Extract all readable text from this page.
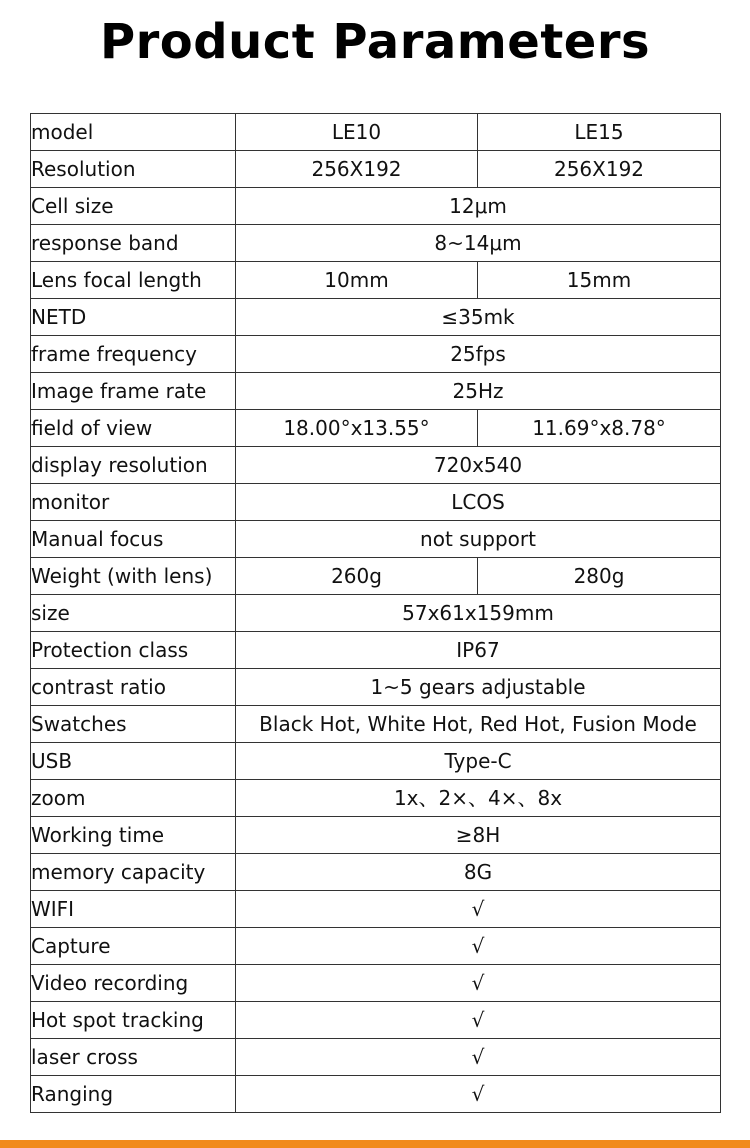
Product Parameters
model	LE10	LE15
Resolution	256X192	256X192
Cell size	12μm	
response band	8~14μm	
Lens focal length	10mm	15mm
NETD	≤35mk	
frame frequency	25fps	
Image frame rate	25Hz	
field of view	18.00°x13.55°	11.69°x8.78°
display resolution	720x540	
monitor	LCOS	
Manual focus	not support	
Weight (with lens)	260g	280g
size	57x61x159mm	
Protection class	IP67	
contrast ratio	1~5 gears adjustable	
Swatches	Black Hot, White Hot, Red Hot, Fusion Mode	
USB	Type-C	
zoom	1x、2×、4×、8x	
Working time	≥8H	
memory capacity	8G	
WIFI	√	
Capture	√	
Video recording	√	
Hot spot tracking	√	
laser cross	√	
Ranging	√	
